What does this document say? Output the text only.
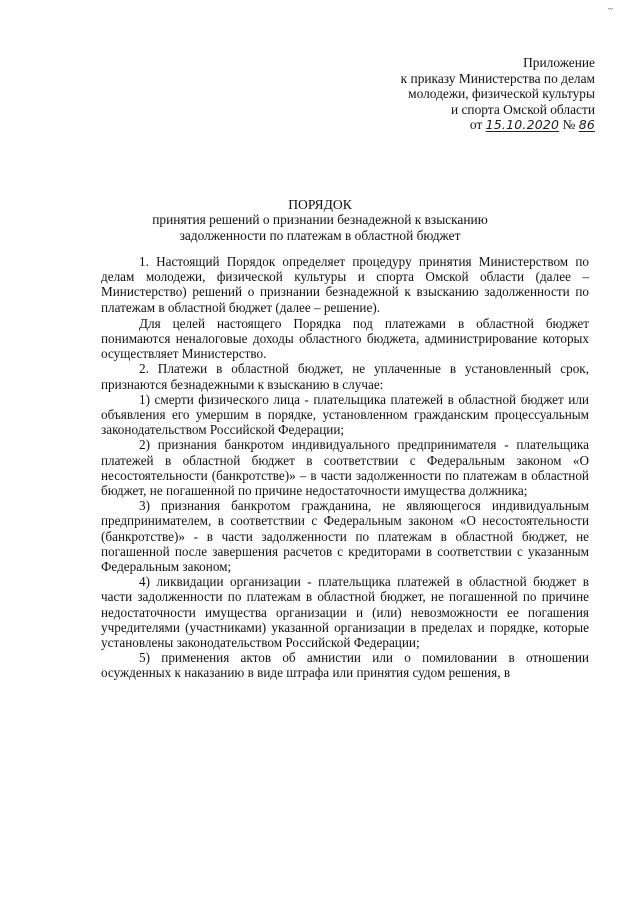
~
Приложение
к приказу Министерства по делам
молодежи, физической культуры
и спорта Омской области
от 15.10.2020 № 86
ПОРЯДОК
принятия решений о признании безнадежной к взысканию
задолженности по платежам в областной бюджет

1. Настоящий Порядок определяет процедуру принятия Министерством по делам молодежи, физической культуры и спорта Омской области (далее – Министерство) решений о признании безнадежной к взысканию задолженности по платежам в областной бюджет (далее – решение).

Для целей настоящего Порядка под платежами в областной бюджет понимаются неналоговые доходы областного бюджета, администрирование которых осуществляет Министерство.

2. Платежи в областной бюджет, не уплаченные в установленный срок, признаются безнадежными к взысканию в случае:

1) смерти физического лица - плательщика платежей в областной бюджет или объявления его умершим в порядке, установленном гражданским процессуальным законодательством Российской Федерации;

2) признания банкротом индивидуального предпринимателя - плательщика платежей в областной бюджет в соответствии с Федеральным законом «О несостоятельности (банкротстве)» – в части задолженности по платежам в областной бюджет, не погашенной по причине недостаточности имущества должника;

3) признания банкротом гражданина, не являющегося индивидуальным предпринимателем, в соответствии с Федеральным законом «О несостоятельности (банкротстве)» - в части задолженности по платежам в областной бюджет, не погашенной после завершения расчетов с кредиторами в соответствии с указанным Федеральным законом;

4) ликвидации организации - плательщика платежей в областной бюджет в части задолженности по платежам в областной бюджет, не погашенной по причине недостаточности имущества организации и (или) невозможности ее погашения учредителями (участниками) указанной организации в пределах и порядке, которые установлены законодательством Российской Федерации;

5) применения актов об амнистии или о помиловании в отношении осужденных к наказанию в виде штрафа или принятия судом решения, в
